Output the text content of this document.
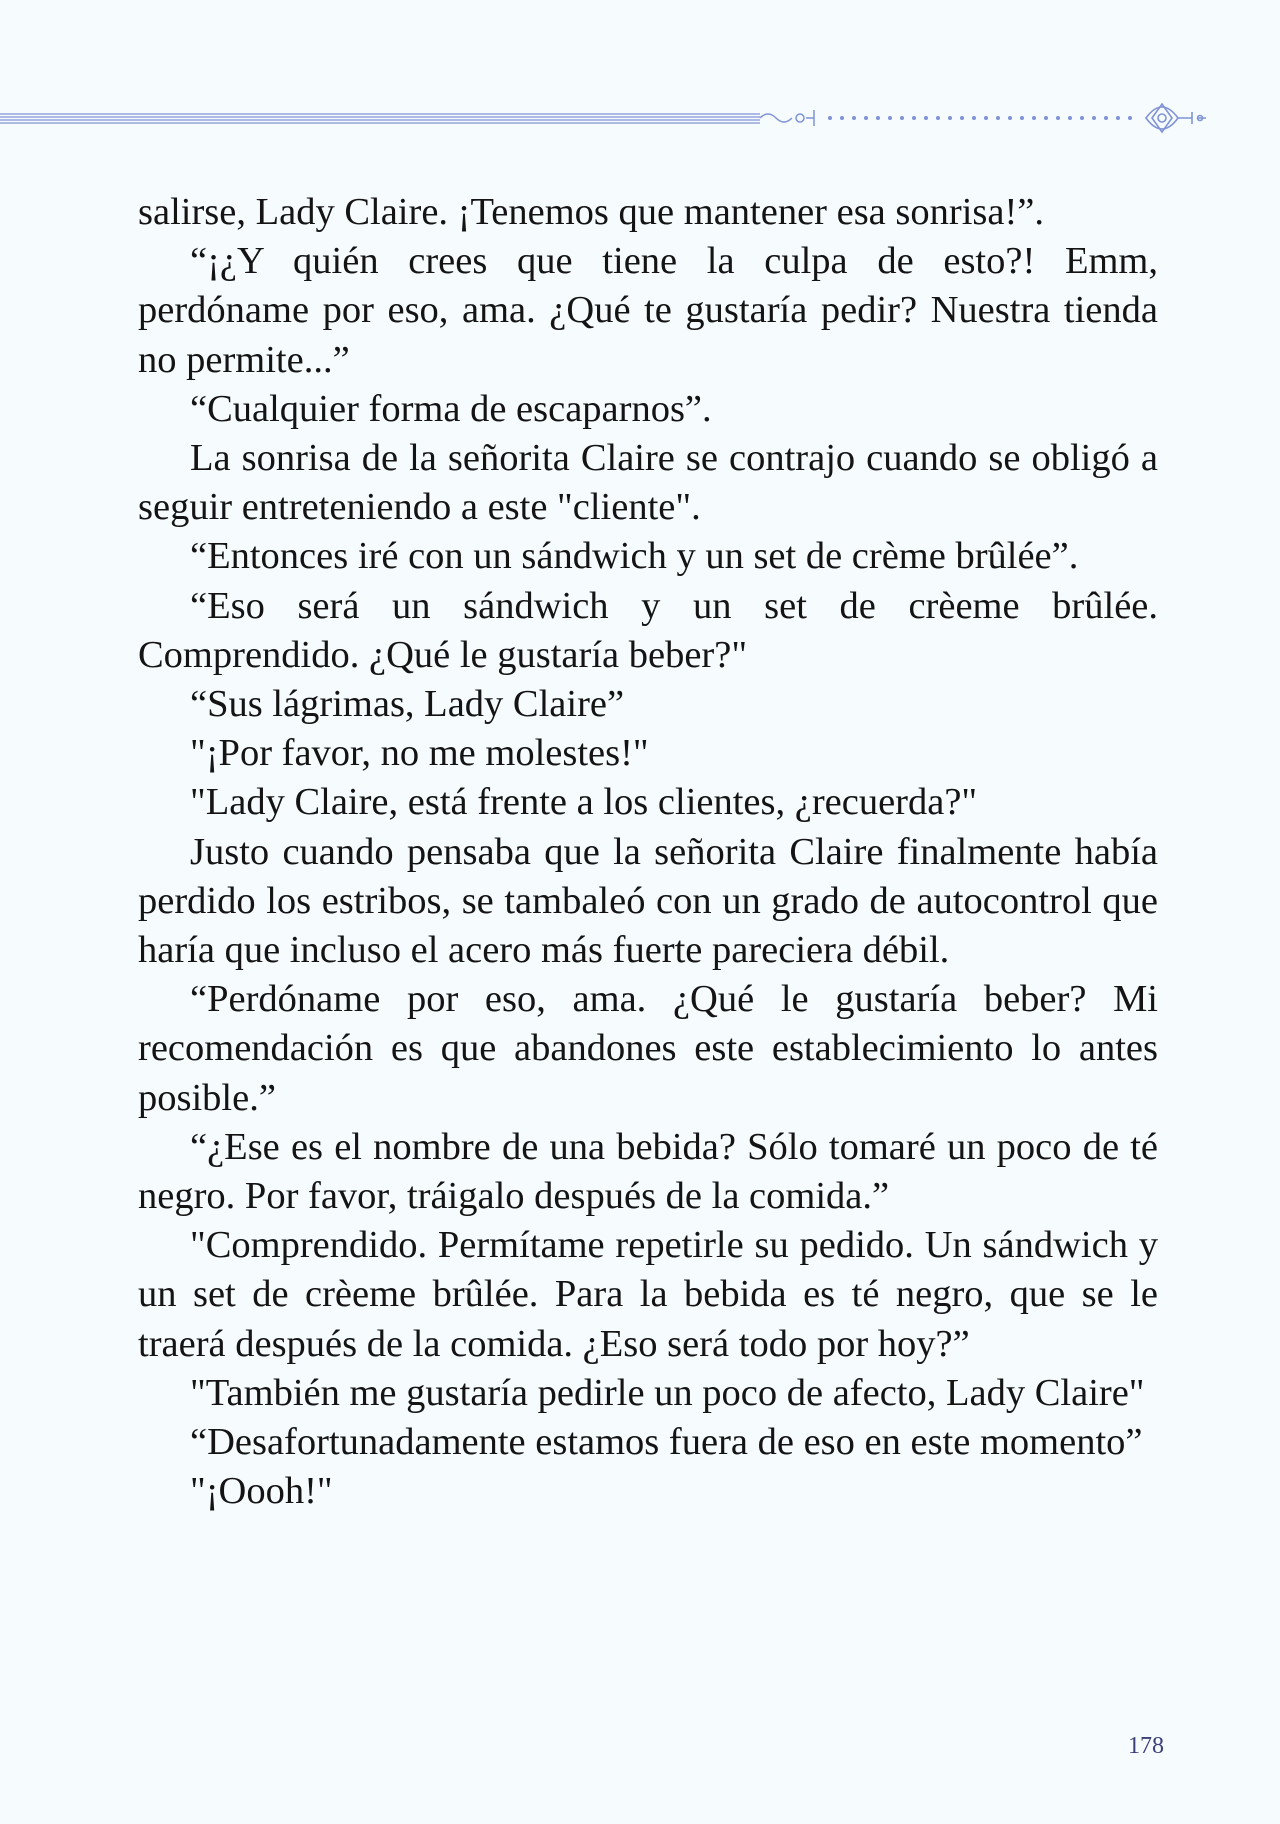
salirse, Lady Claire. ¡Tenemos que mantener esa sonrisa!”.

“¡¿Y quién crees que tiene la culpa de esto?! Emm, perdóname por eso, ama. ¿Qué te gustaría pedir? Nuestra tienda no permite...”

“Cualquier forma de escaparnos”.

La sonrisa de la señorita Claire se contrajo cuando se obligó a seguir entreteniendo a este "cliente".

“Entonces iré con un sándwich y un set de crème brûlée”.

“Eso será un sándwich y un set de crèeme brûlée. Comprendido. ¿Qué le gustaría beber?"

“Sus lágrimas, Lady Claire”

"¡Por favor, no me molestes!"

"Lady Claire, está frente a los clientes, ¿recuerda?"

Justo cuando pensaba que la señorita Claire finalmente había perdido los estribos, se tambaleó con un grado de autocontrol que haría que incluso el acero más fuerte pareciera débil.

“Perdóname por eso, ama. ¿Qué le gustaría beber? Mi recomendación es que abandones este establecimiento lo antes posible.”

“¿Ese es el nombre de una bebida? Sólo tomaré un poco de té negro. Por favor, tráigalo después de la comida.”

"Comprendido. Permítame repetirle su pedido. Un sándwich y un set de crèeme brûlée. Para la bebida es té negro, que se le traerá después de la comida. ¿Eso será todo por hoy?”

"También me gustaría pedirle un poco de afecto, Lady Claire"

“Desafortunadamente estamos fuera de eso en este momento”

"¡Oooh!"

178
